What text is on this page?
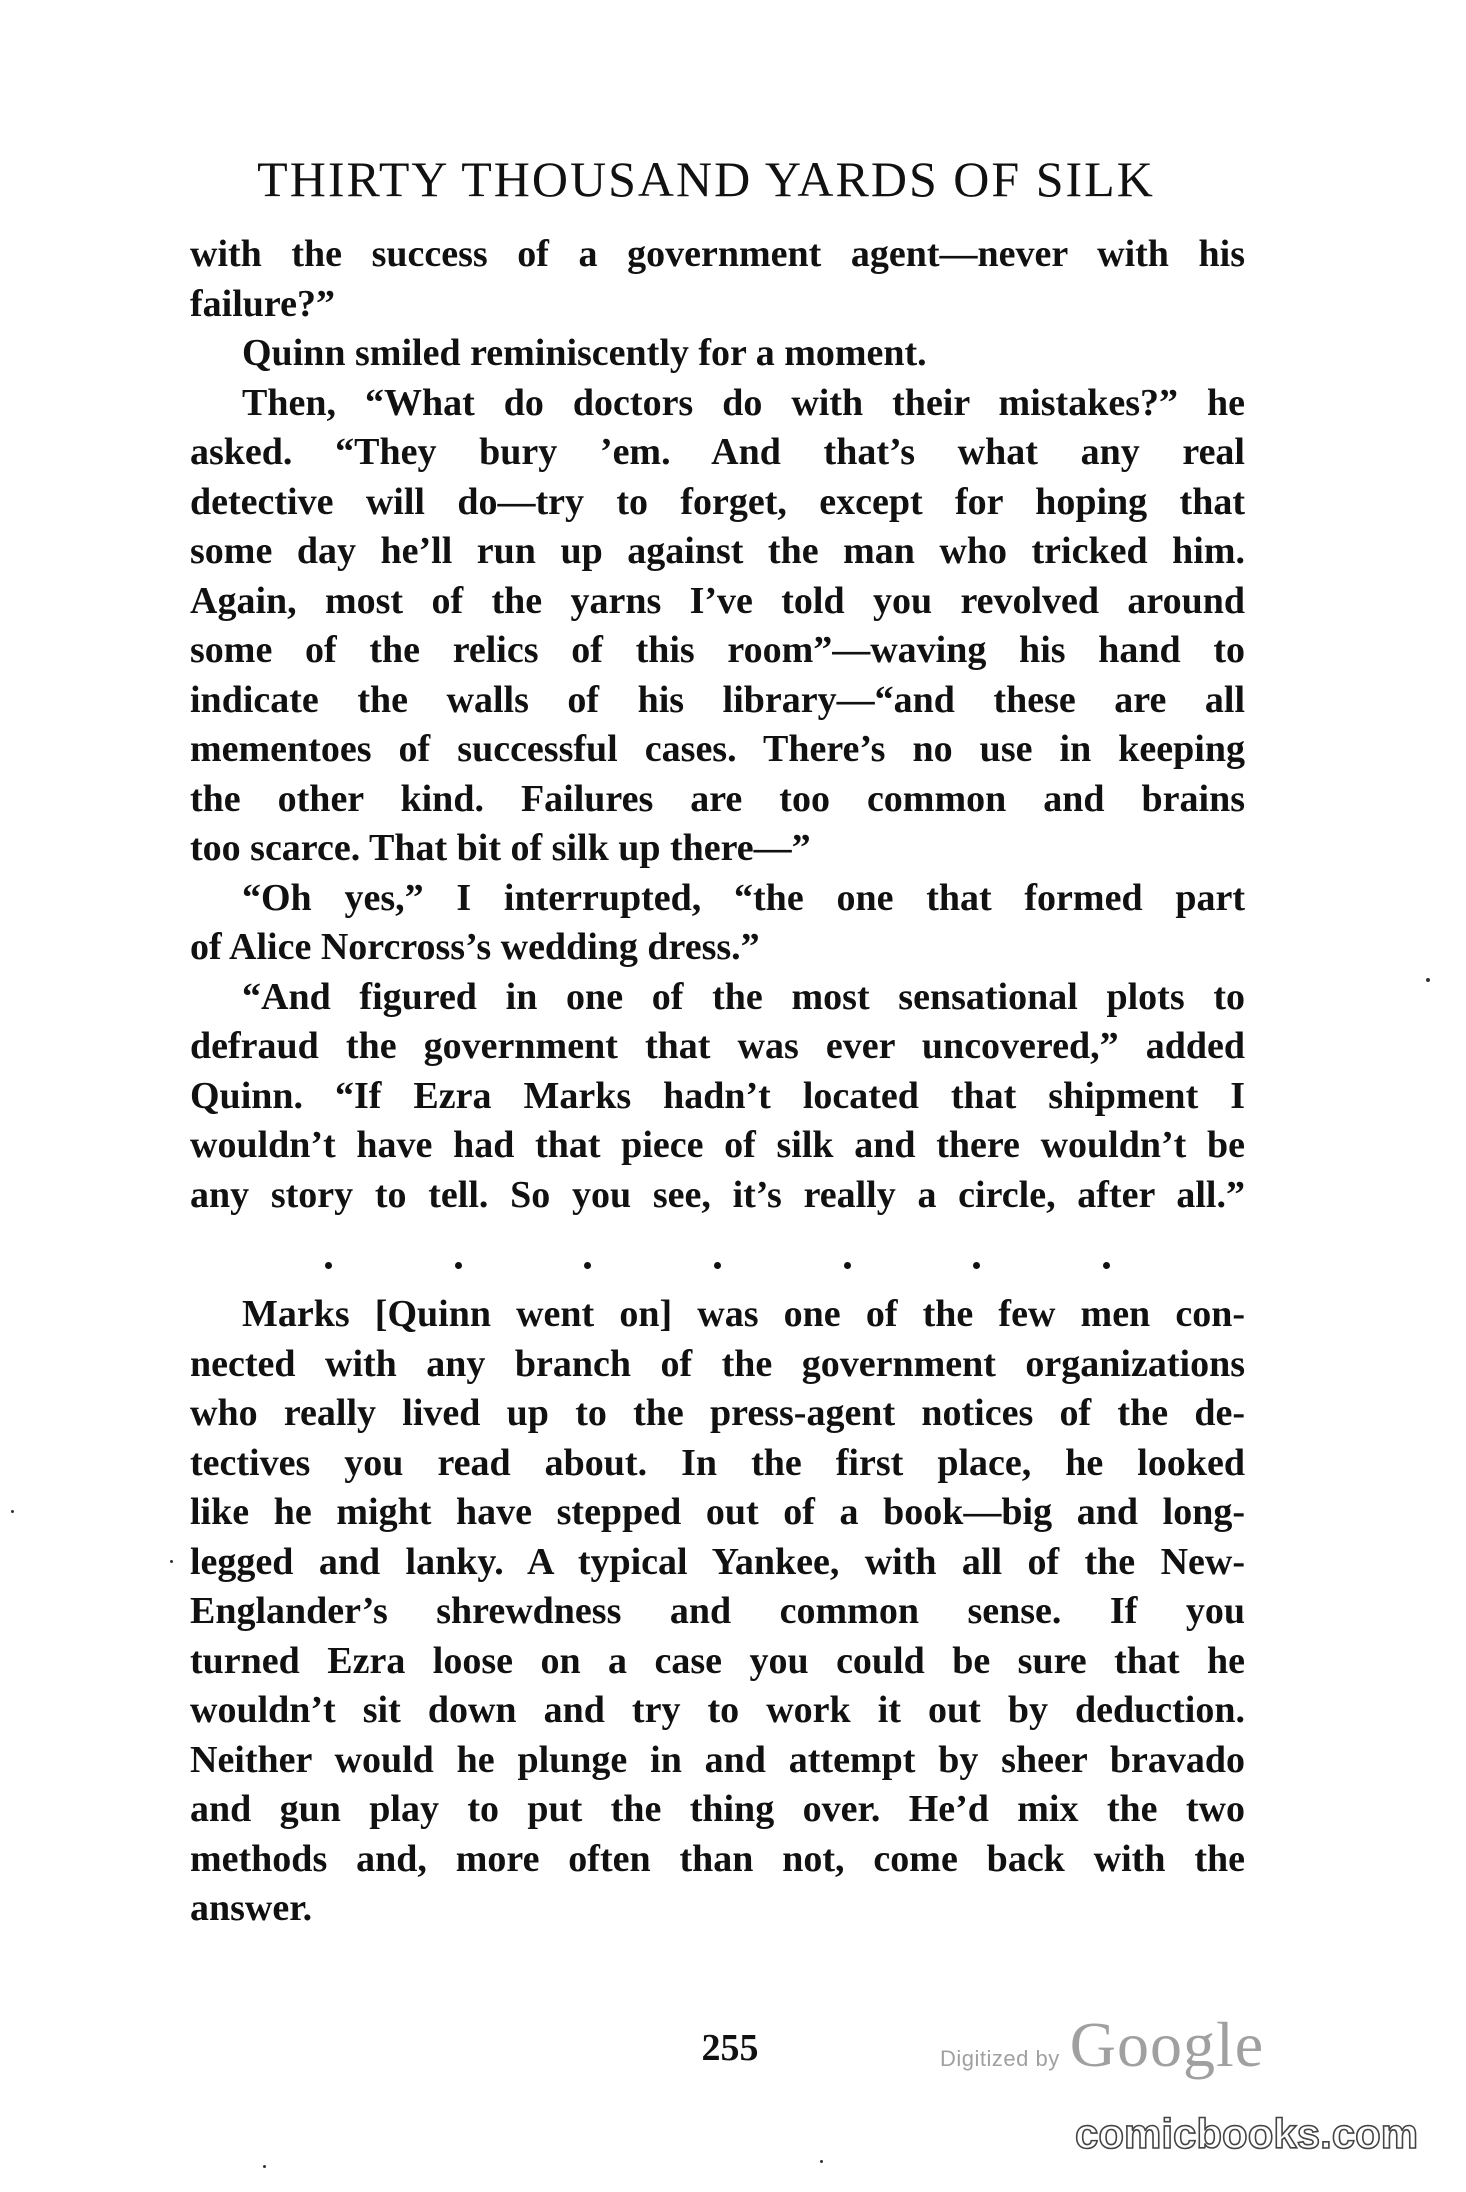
THIRTY THOUSAND YARDS OF SILK
with the success of a government agent—never with his
failure?”
Quinn smiled reminiscently for a moment.
Then, “What do doctors do with their mistakes?” he
asked. “They bury ’em. And that’s what any real
detective will do—try to forget, except for hoping that
some day he’ll run up against the man who tricked him.
Again, most of the yarns I’ve told you revolved around
some of the relics of this room”—waving his hand to
indicate the walls of his library—“and these are all
mementoes of successful cases. There’s no use in keeping
the other kind. Failures are too common and brains
too scarce. That bit of silk up there—”
“Oh yes,” I interrupted, “the one that formed part
of Alice Norcross’s wedding dress.”
“And figured in one of the most sensational plots to
defraud the government that was ever uncovered,” added
Quinn. “If Ezra Marks hadn’t located that shipment I
wouldn’t have had that piece of silk and there wouldn’t be
any story to tell. So you see, it’s really a circle, after all.”
Marks [Quinn went on] was one of the few men con-
nected with any branch of the government organizations
who really lived up to the press-agent notices of the de-
tectives you read about. In the first place, he looked
like he might have stepped out of a book—big and long-
legged and lanky. A typical Yankee, with all of the New-
Englander’s shrewdness and common sense. If you
turned Ezra loose on a case you could be sure that he
wouldn’t sit down and try to work it out by deduction.
Neither would he plunge in and attempt by sheer bravado
and gun play to put the thing over. He’d mix the two
methods and, more often than not, come back with the
answer.
255	Digitized by Google
comicbooks.com
